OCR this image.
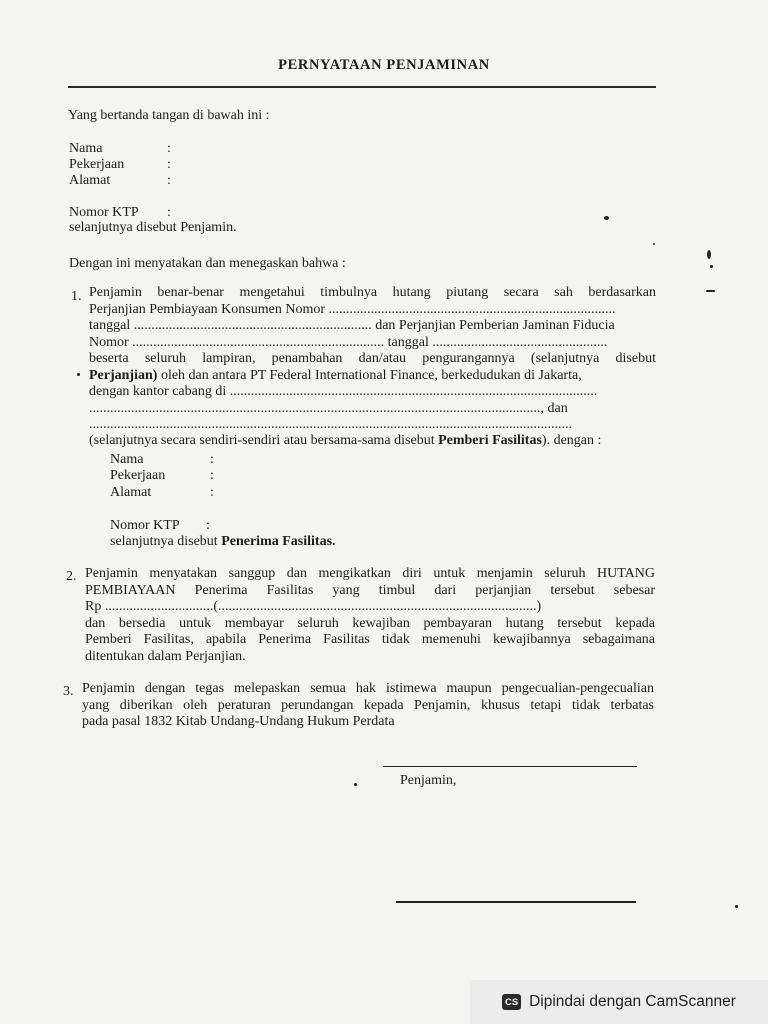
PERNYATAAN PENJAMINAN
Yang bertanda tangan di bawah ini :
Nama	:
Pekerjaan	:
Alamat	:
Nomor KTP :
selanjutnya disebut Penjamin.
Dengan ini menyatakan dan menegaskan bahwa :
1. Penjamin benar-benar mengetahui timbulnya hutang piutang secara sah berdasarkan
Perjanjian Pembiayaan Konsumen Nomor ..................................................................................
tanggal .................................................................... dan Perjanjian Pemberian Jaminan Fiducia
Nomor ........................................................................ tanggal ..................................................
beserta seluruh lampiran, penambahan dan/atau pengurangannya (selanjutnya disebut
Perjanjian) oleh dan antara PT Federal International Finance, berkedudukan di Jakarta,
dengan kantor cabang di .........................................................................................................
................................................................................................................................., dan
..........................................................................................................................................
(selanjutnya secara sendiri-sendiri atau bersama-sama disebut Pemberi Fasilitas). dengan :
Nama	:
Pekerjaan	:
Alamat	:
Nomor KTP :
selanjutnya disebut Penerima Fasilitas.
2. Penjamin menyatakan sanggup dan mengikatkan diri untuk menjamin seluruh HUTANG
PEMBIAYAAN Penerima Fasilitas yang timbul dari perjanjian tersebut sebesar
Rp ...............................(...........................................................................................)
dan bersedia untuk membayar seluruh kewajiban pembayaran hutang tersebut kepada
Pemberi Fasilitas, apabila Penerima Fasilitas tidak memenuhi kewajibannya sebagaimana
ditentukan dalam Perjanjian.
3. Penjamin dengan tegas melepaskan semua hak istimewa maupun pengecualian-pengecualian
yang diberikan oleh peraturan perundangan kepada Penjamin, khusus tetapi tidak terbatas
pada pasal 1832 Kitab Undang-Undang Hukum Perdata
Penjamin,
CS Dipindai dengan CamScanner
